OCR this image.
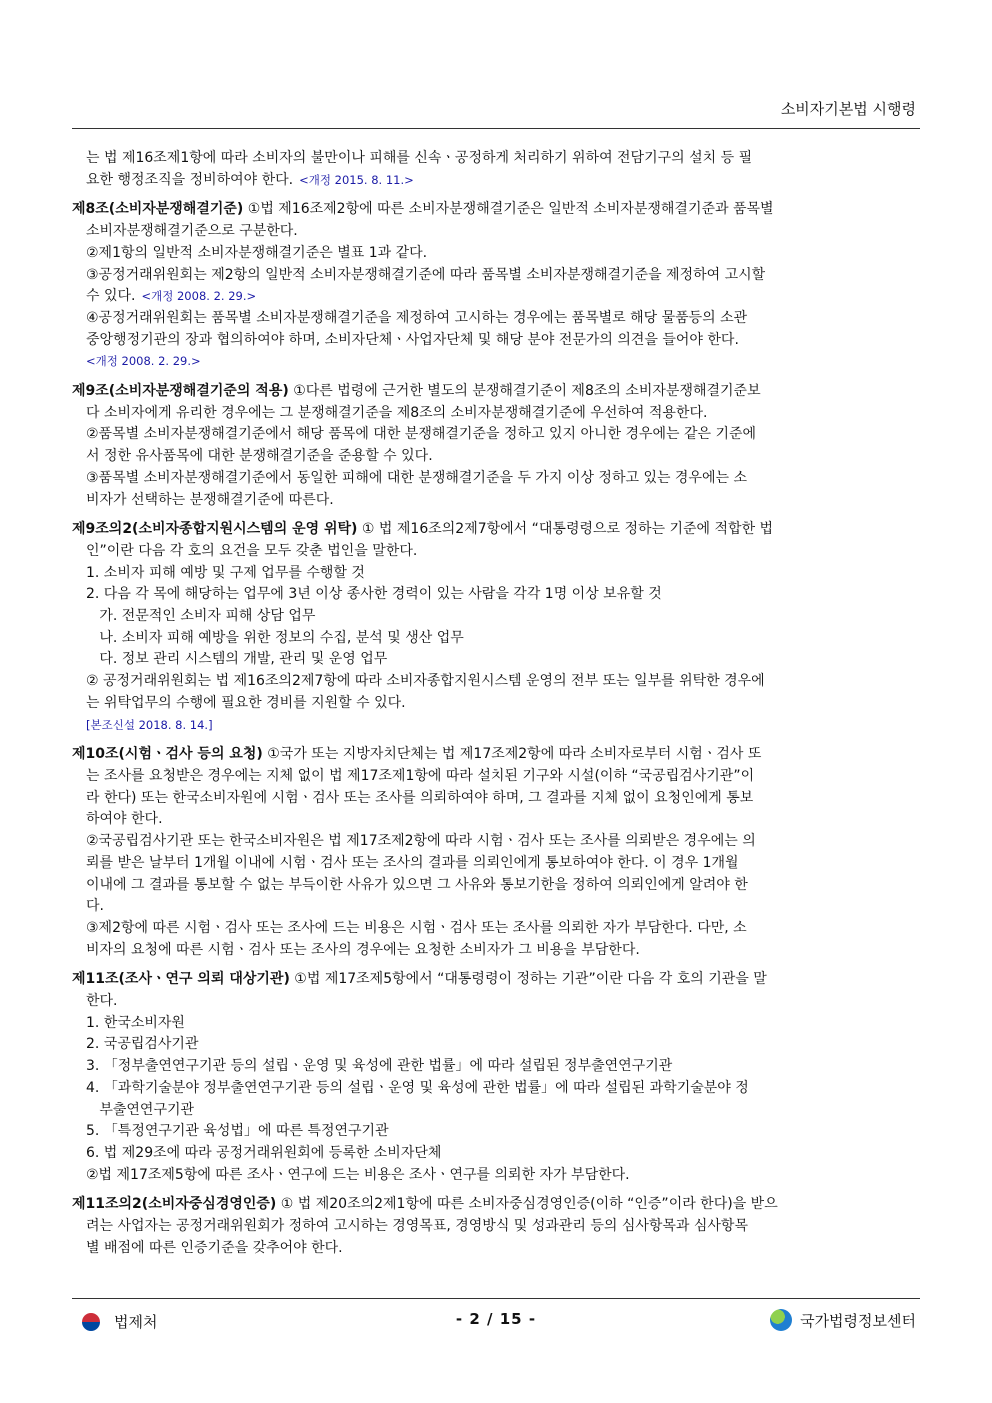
소비자기본법 시행령
는 법 제16조제1항에 따라 소비자의 불만이나 피해를 신속ㆍ공정하게 처리하기 위하여 전담기구의 설치 등 필
요한 행정조직을 정비하여야 한다. <개정 2015. 8. 11.>
제8조(소비자분쟁해결기준) ①법 제16조제2항에 따른 소비자분쟁해결기준은 일반적 소비자분쟁해결기준과 품목별
소비자분쟁해결기준으로 구분한다.
②제1항의 일반적 소비자분쟁해결기준은 별표 1과 같다.
③공정거래위원회는 제2항의 일반적 소비자분쟁해결기준에 따라 품목별 소비자분쟁해결기준을 제정하여 고시할
수 있다. <개정 2008. 2. 29.>
④공정거래위원회는 품목별 소비자분쟁해결기준을 제정하여 고시하는 경우에는 품목별로 해당 물품등의 소관
중앙행정기관의 장과 협의하여야 하며, 소비자단체ㆍ사업자단체 및 해당 분야 전문가의 의견을 들어야 한다.
<개정 2008. 2. 29.>
제9조(소비자분쟁해결기준의 적용) ①다른 법령에 근거한 별도의 분쟁해결기준이 제8조의 소비자분쟁해결기준보
다 소비자에게 유리한 경우에는 그 분쟁해결기준을 제8조의 소비자분쟁해결기준에 우선하여 적용한다.
②품목별 소비자분쟁해결기준에서 해당 품목에 대한 분쟁해결기준을 정하고 있지 아니한 경우에는 같은 기준에
서 정한 유사품목에 대한 분쟁해결기준을 준용할 수 있다.
③품목별 소비자분쟁해결기준에서 동일한 피해에 대한 분쟁해결기준을 두 가지 이상 정하고 있는 경우에는 소
비자가 선택하는 분쟁해결기준에 따른다.
제9조의2(소비자종합지원시스템의 운영 위탁) ① 법 제16조의2제7항에서 “대통령령으로 정하는 기준에 적합한 법
인”이란 다음 각 호의 요건을 모두 갖춘 법인을 말한다.
1. 소비자 피해 예방 및 구제 업무를 수행할 것
2. 다음 각 목에 해당하는 업무에 3년 이상 종사한 경력이 있는 사람을 각각 1명 이상 보유할 것
가. 전문적인 소비자 피해 상담 업무
나. 소비자 피해 예방을 위한 정보의 수집, 분석 및 생산 업무
다. 정보 관리 시스템의 개발, 관리 및 운영 업무
② 공정거래위원회는 법 제16조의2제7항에 따라 소비자종합지원시스템 운영의 전부 또는 일부를 위탁한 경우에
는 위탁업무의 수행에 필요한 경비를 지원할 수 있다.
[본조신설 2018. 8. 14.]
제10조(시험ㆍ검사 등의 요청) ①국가 또는 지방자치단체는 법 제17조제2항에 따라 소비자로부터 시험ㆍ검사 또
는 조사를 요청받은 경우에는 지체 없이 법 제17조제1항에 따라 설치된 기구와 시설(이하 “국공립검사기관”이
라 한다) 또는 한국소비자원에 시험ㆍ검사 또는 조사를 의뢰하여야 하며, 그 결과를 지체 없이 요청인에게 통보
하여야 한다.
②국공립검사기관 또는 한국소비자원은 법 제17조제2항에 따라 시험ㆍ검사 또는 조사를 의뢰받은 경우에는 의
뢰를 받은 날부터 1개월 이내에 시험ㆍ검사 또는 조사의 결과를 의뢰인에게 통보하여야 한다. 이 경우 1개월
이내에 그 결과를 통보할 수 없는 부득이한 사유가 있으면 그 사유와 통보기한을 정하여 의뢰인에게 알려야 한
다.
③제2항에 따른 시험ㆍ검사 또는 조사에 드는 비용은 시험ㆍ검사 또는 조사를 의뢰한 자가 부담한다. 다만, 소
비자의 요청에 따른 시험ㆍ검사 또는 조사의 경우에는 요청한 소비자가 그 비용을 부담한다.
제11조(조사ㆍ연구 의뢰 대상기관) ①법 제17조제5항에서 “대통령령이 정하는 기관”이란 다음 각 호의 기관을 말
한다.
1. 한국소비자원
2. 국공립검사기관
3. 「정부출연연구기관 등의 설립ㆍ운영 및 육성에 관한 법률」에 따라 설립된 정부출연연구기관
4. 「과학기술분야 정부출연연구기관 등의 설립ㆍ운영 및 육성에 관한 법률」에 따라 설립된 과학기술분야 정
부출연연구기관
5. 「특정연구기관 육성법」에 따른 특정연구기관
6. 법 제29조에 따라 공정거래위원회에 등록한 소비자단체
②법 제17조제5항에 따른 조사ㆍ연구에 드는 비용은 조사ㆍ연구를 의뢰한 자가 부담한다.
제11조의2(소비자중심경영인증) ① 법 제20조의2제1항에 따른 소비자중심경영인증(이하 “인증”이라 한다)을 받으
려는 사업자는 공정거래위원회가 정하여 고시하는 경영목표, 경영방식 및 성과관리 등의 심사항목과 심사항목
별 배점에 따른 인증기준을 갖추어야 한다.
법제처	- 2 / 15 -	국가법령정보센터
